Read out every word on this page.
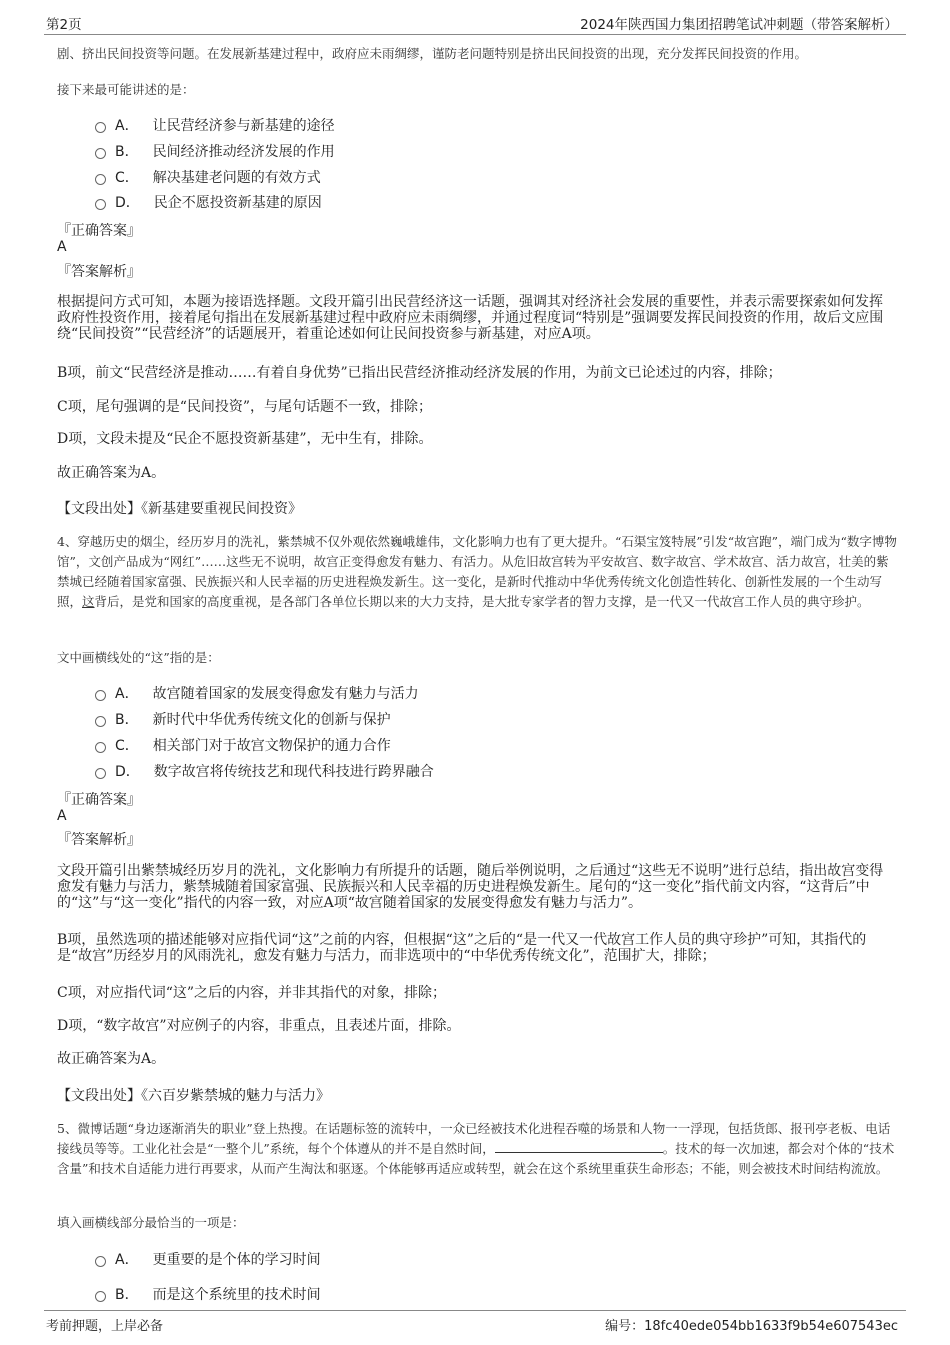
第2页	2024年陕西国力集团招聘笔试冲刺题（带答案解析）
剧、挤出民间投资等问题。在发展新基建过程中，政府应未雨绸缪，谨防老问题特别是挤出民间投资的出现，充分发挥民间投资的作用。
接下来最可能讲述的是：
A． 让民营经济参与新基建的途径
B． 民间经济推动经济发展的作用
C． 解决基建老问题的有效方式
D． 民企不愿投资新基建的原因
『正确答案』
A
『答案解析』
根据提问方式可知，本题为接语选择题。文段开篇引出民营经济这一话题，强调其对经济社会发展的重要性，并表示需要探索如何发挥政府性投资作用，接着尾句指出在发展新基建过程中政府应未雨绸缪，并通过程度词“特别是”强调要发挥民间投资的作用，故后文应围绕“民间投资”“民营经济”的话题展开，着重论述如何让民间投资参与新基建，对应A项。
B项，前文“民营经济是推动……有着自身优势”已指出民营经济推动经济发展的作用，为前文已论述过的内容，排除；
C项，尾句强调的是“民间投资”，与尾句话题不一致，排除；
D项，文段未提及“民企不愿投资新基建”，无中生有，排除。
故正确答案为A。
【文段出处】《新基建要重视民间投资》
4、穿越历史的烟尘，经历岁月的洗礼，紫禁城不仅外观依然巍峨雄伟，文化影响力也有了更大提升。“石渠宝笈特展”引发“故宫跑”，端门成为“数字博物馆”，文创产品成为“网红”……这些无不说明，故宫正变得愈发有魅力、有活力。从危旧故宫转为平安故宫、数字故宫、学术故宫、活力故宫，壮美的紫禁城已经随着国家富强、民族振兴和人民幸福的历史进程焕发新生。这一变化，是新时代推动中华优秀传统文化创造性转化、创新性发展的一个生动写照，这背后，是党和国家的高度重视，是各部门各单位长期以来的大力支持，是大批专家学者的智力支撑，是一代又一代故宫工作人员的典守珍护。
文中画横线处的“这”指的是：
A． 故宫随着国家的发展变得愈发有魅力与活力
B． 新时代中华优秀传统文化的创新与保护
C． 相关部门对于故宫文物保护的通力合作
D． 数字故宫将传统技艺和现代科技进行跨界融合
『正确答案』
A
『答案解析』
文段开篇引出紫禁城经历岁月的洗礼，文化影响力有所提升的话题，随后举例说明，之后通过“这些无不说明”进行总结，指出故宫变得愈发有魅力与活力，紫禁城随着国家富强、民族振兴和人民幸福的历史进程焕发新生。尾句的“这一变化”指代前文内容，“这背后”中的“这”与“这一变化”指代的内容一致，对应A项“故宫随着国家的发展变得愈发有魅力与活力”。
B项，虽然选项的描述能够对应指代词“这”之前的内容，但根据“这”之后的“是一代又一代故宫工作人员的典守珍护”可知，其指代的是“故宫”历经岁月的风雨洗礼，愈发有魅力与活力，而非选项中的“中华优秀传统文化”，范围扩大，排除；
C项，对应指代词“这”之后的内容，并非其指代的对象，排除；
D项，“数字故宫”对应例子的内容，非重点，且表述片面，排除。
故正确答案为A。
【文段出处】《六百岁紫禁城的魅力与活力》
5、微博话题“身边逐渐消失的职业”登上热搜。在话题标签的流转中，一众已经被技术化进程吞噬的场景和人物一一浮现，包括货郎、报刊亭老板、电话接线员等等。工业化社会是“一整个儿”系统，每个个体遵从的并不是自然时间，	。技术的每一次加速，都会对个体的“技术含量”和技术自适能力进行再要求，从而产生淘汰和驱逐。个体能够再适应或转型，就会在这个系统里重获生命形态；不能，则会被技术时间结构流放。
填入画横线部分最恰当的一项是：
A． 更重要的是个体的学习时间
B． 而是这个系统里的技术时间
考前押题，上岸必备	编号：18fc40ede054bb1633f9b54e607543ec
